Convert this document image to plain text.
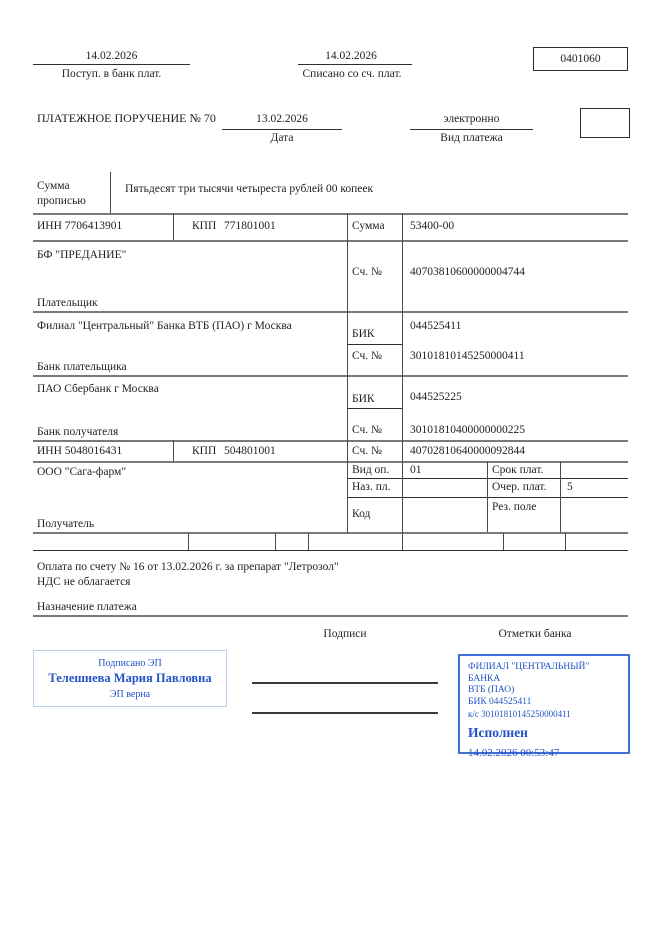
14.02.2026
Поступ. в банк плат.
14.02.2026
Списано со сч. плат.
0401060
ПЛАТЕЖНОЕ ПОРУЧЕНИЕ № 70	13.02.2026
Дата
электронно
Вид платежа
Сумма
прописью
Пятьдесят три тысячи четыреста рублей 00 копеек
ИНН 7706413901	КПП 771801001	Сумма 53400-00
БФ "ПРЕДАНИЕ"
Плательщик
Сч. № 40703810600000004744
Филиал "Центральный" Банка ВТБ (ПАО) г Москва
Банк плательщика
БИК
044525411
Сч. № 30101810145250000411
ПАО Сбербанк г Москва
Банк получателя
БИК	044525225
Сч. № 30101810400000000225
ИНН 5048016431	КПП 504801001	Сч. № 40702810640000092844
ООО "Сага-фарм"
Получатель
Вид оп. 01	Срок плат.
Наз. пл.	Очер. плат. 5
Код
Рез. поле
Оплата по счету № 16 от 13.02.2026 г. за препарат "Летрозол"
НДС не облагается
Назначение платежа
Подписи	Отметки банка
Подписано ЭП
Телешнева Мария Павловна
ЭП верна
ФИЛИАЛ "ЦЕНТРАЛЬНЫЙ" БАНКА
ВТБ (ПАО)
БИК 044525411
к/с 30101810145250000411
Исполнен
14.02.2026 00:53:47
